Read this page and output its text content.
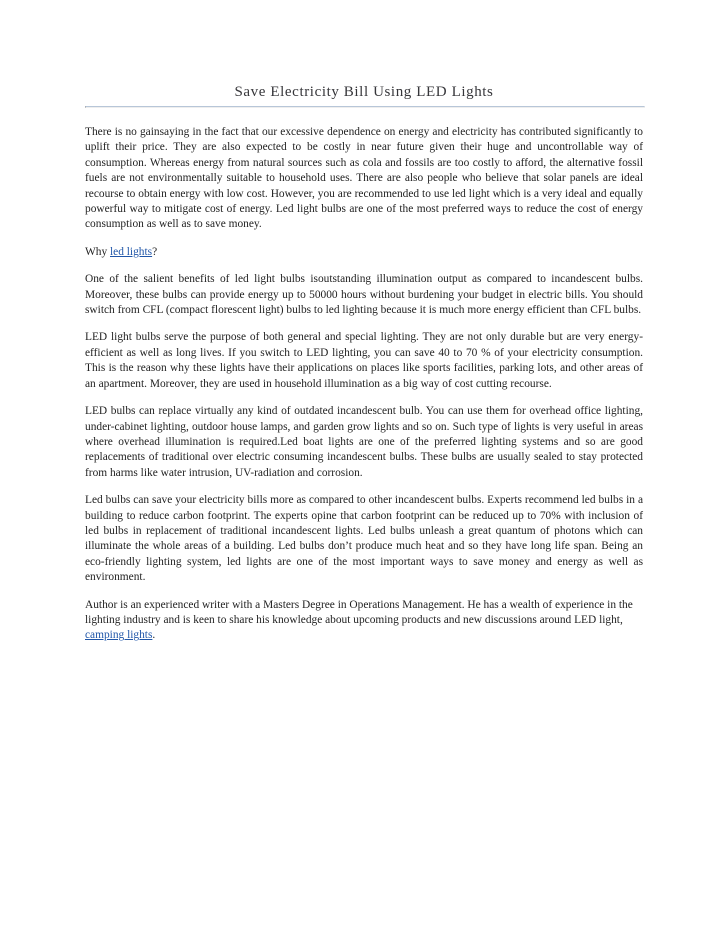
Save Electricity Bill Using LED Lights

There is no gainsaying in the fact that our excessive dependence on energy and electricity has contributed significantly to uplift their price. They are also expected to be costly in near future given their huge and uncontrollable way of consumption. Whereas energy from natural sources such as cola and fossils are too costly to afford, the alternative fossil fuels are not environmentally suitable to household uses. There are also people who believe that solar panels are ideal recourse to obtain energy with low cost. However, you are recommended to use led light which is a very ideal and equally powerful way to mitigate cost of energy. Led light bulbs are one of the most preferred ways to reduce the cost of energy consumption as well as to save money.

Why led lights?

One of the salient benefits of led light bulbs isoutstanding illumination output as compared to incandescent bulbs. Moreover, these bulbs can provide energy up to 50000 hours without burdening your budget in electric bills. You should switch from CFL (compact florescent light) bulbs to led lighting because it is much more energy efficient than CFL bulbs.

LED light bulbs serve the purpose of both general and special lighting. They are not only durable but are very energy-efficient as well as long lives. If you switch to LED lighting, you can save 40 to 70 % of your electricity consumption. This is the reason why these lights have their applications on places like sports facilities, parking lots, and other areas of an apartment. Moreover, they are used in household illumination as a big way of cost cutting recourse.

LED bulbs can replace virtually any kind of outdated incandescent bulb. You can use them for overhead office lighting, under-cabinet lighting, outdoor house lamps, and garden grow lights and so on. Such type of lights is very useful in areas where overhead illumination is required.Led boat lights are one of the preferred lighting systems and so are good replacements of traditional over electric consuming incandescent bulbs. These bulbs are usually sealed to stay protected from harms like water intrusion, UV-radiation and corrosion.

Led bulbs can save your electricity bills more as compared to other incandescent bulbs. Experts recommend led bulbs in a building to reduce carbon footprint. The experts opine that carbon footprint can be reduced up to 70% with inclusion of led bulbs in replacement of traditional incandescent lights. Led bulbs unleash a great quantum of photons which can illuminate the whole areas of a building. Led bulbs don’t produce much heat and so they have long life span. Being an eco-friendly lighting system, led lights are one of the most important ways to save money and energy as well as environment.

Author is an experienced writer with a Masters Degree in Operations Management. He has a wealth of experience in the lighting industry and is keen to share his knowledge about upcoming products and new discussions around LED light, camping lights.
